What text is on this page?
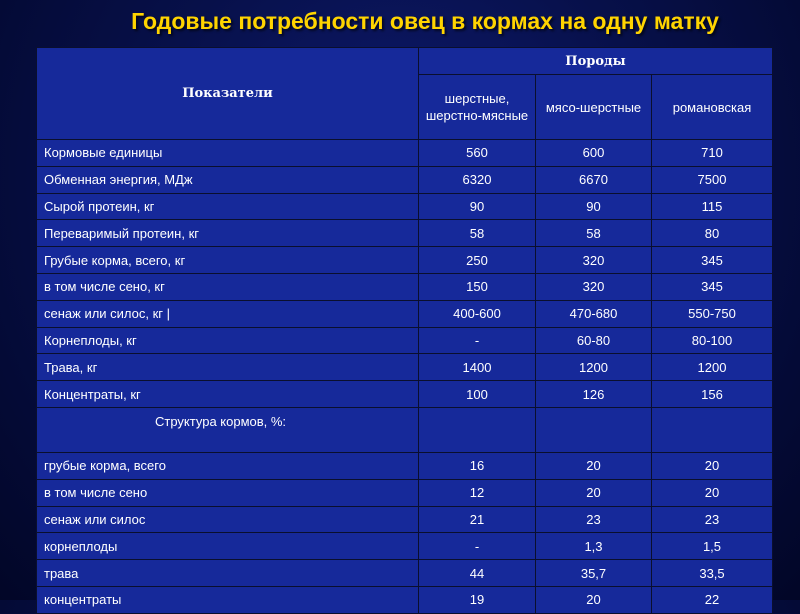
Годовые потребности овец в кормах на одну матку
Показатели	Породы		
	шерстные, шерстно-мясные	мясо-шерстные	романовская
Кормовые единицы	560	600	710
Обменная энергия, МДж	6320	6670	7500
Сырой протеин, кг	90	90	115
Переваримый протеин, кг	58	58	80
Грубые корма, всего, кг	250	320	345
в том числе сено, кг	150	320	345
сенаж или силос, кг |	400-600	470-680	550-750
Корнеплоды, кг	-	60-80	80-100
Трава, кг	1400	1200	1200
Концентраты, кг	100	126	156
Структура кормов, %:			
грубые корма, всего	16	20	20
в том числе сено	12	20	20
сенаж или силос	21	23	23
корнеплоды	-	1,3	1,5
трава	44	35,7	33,5
концентраты	19	20	22
